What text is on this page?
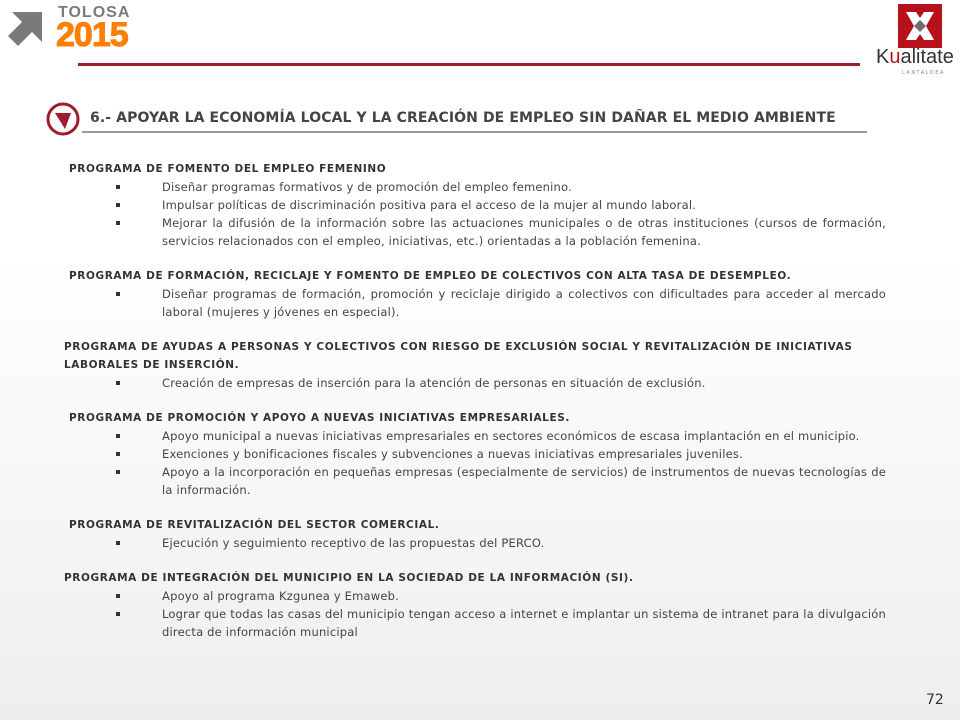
TOLOSA
2015
Kualitate
LANTALDEA
6.- APOYAR LA ECONOMÍA LOCAL Y LA CREACIÓN DE EMPLEO SIN DAÑAR EL MEDIO AMBIENTE
PROGRAMA DE FOMENTO DEL EMPLEO FEMENINO
Diseñar programas formativos y de promoción del empleo femenino.
Impulsar políticas de discriminación positiva para el acceso de la mujer al mundo laboral.
Mejorar la difusión de la información sobre las actuaciones municipales o de otras instituciones (cursos de formación, servicios relacionados con el empleo, iniciativas, etc.) orientadas a la población femenina.
PROGRAMA DE FORMACIÓN, RECICLAJE Y FOMENTO DE EMPLEO DE COLECTIVOS CON ALTA TASA DE DESEMPLEO.
Diseñar programas de formación, promoción y reciclaje dirigido a colectivos con dificultades para acceder al mercado laboral (mujeres y jóvenes en especial).
PROGRAMA DE AYUDAS A PERSONAS Y COLECTIVOS CON RIESGO DE EXCLUSIÓN SOCIAL Y REVITALIZACIÓN DE INICIATIVAS LABORALES DE INSERCIÓN.
Creación de empresas de inserción para la atención de personas en situación de exclusión.
PROGRAMA DE PROMOCIÓN Y APOYO A NUEVAS INICIATIVAS EMPRESARIALES.
Apoyo municipal a nuevas iniciativas empresariales en sectores económicos de escasa implantación en el municipio.
Exenciones y bonificaciones fiscales y subvenciones a nuevas iniciativas empresariales juveniles.
Apoyo a la incorporación en pequeñas empresas (especialmente de servicios) de instrumentos de nuevas tecnologías de la información.
PROGRAMA DE REVITALIZACIÓN DEL SECTOR COMERCIAL.
Ejecución y seguimiento receptivo de las propuestas del PERCO.
PROGRAMA DE INTEGRACIÓN DEL MUNICIPIO EN LA SOCIEDAD DE LA INFORMACIÓN (SI).
Apoyo al programa Kzgunea y Emaweb.
Lograr que todas las casas del municipio tengan acceso a internet e implantar un sistema de intranet para la divulgación directa de información municipal
72
